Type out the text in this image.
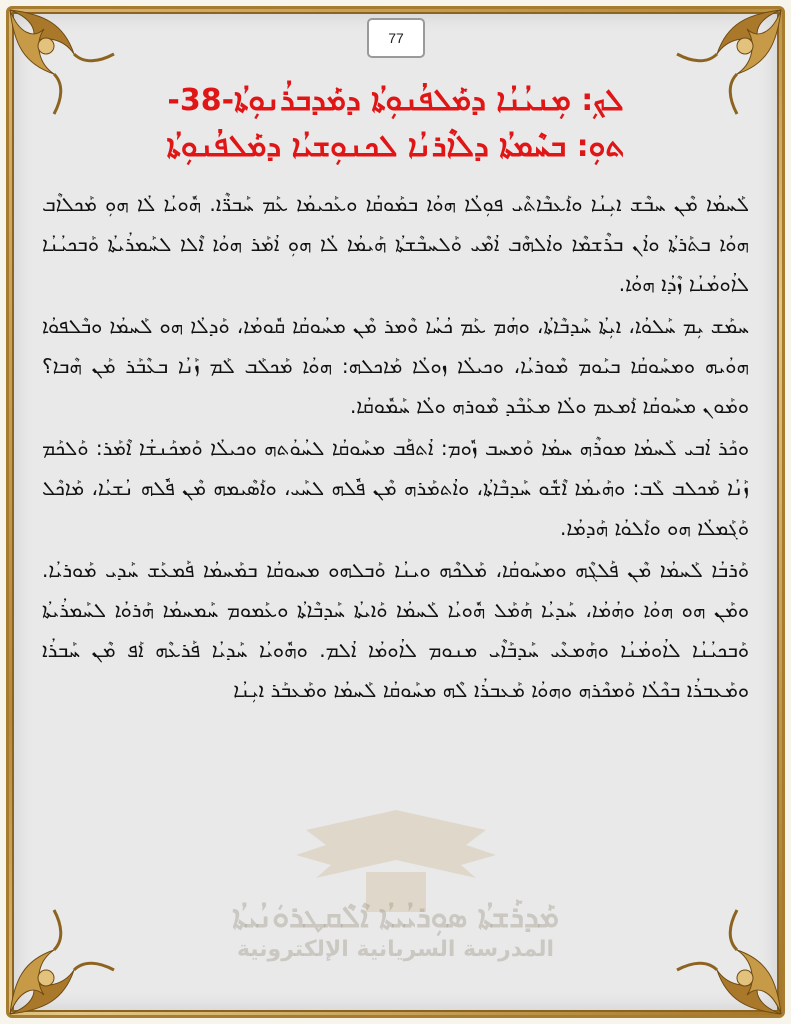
77
ܡܰܕܪܰܫܬܳܐ ܣܘܼܪܝܳܝܬܳܐ ܐܶܠܶܩܛܪܘܿܢܳܝܬܳܐ
المدرسة السريانية الإلكترونية
ܠܟܼ: ܡܼܢܝܳܢܳܐ ܕܡܰܠܦܳܢܘܼܬܳܐ ܕܡܰܕܒܪܳܢܘܼܬܳܐ-38-
ܬܘܼ: ܒܚܶܡܬܳܐ ܕܠܐܶܪܢܳܐ ܠܟܢܘܼܫܝܳܐ ܕܡܰܠܦܳܢܘܼܬܳܐ

ܠܰܚܡܳܐ ܡܶܢ ܚܒܶܫ ܐܝܼܢܳܐ ܘܐܰܥܒܶܐܬܶܝ ܦܘܼܠܳܐ ܗܘܳܐ ܒܡܰܘܩܳܐ ܘܥܰܟܝܡܳܐ ܥܰܡ ܚܰܒܪ̈ܶܐ. ܗܽܘܝܳܐ ܠܳܐ ܗܘܼ ܡܰܟܠܐܶܒ ܗܘܳܐ ܒܬܰܪܬܳܐ ܘܐܳܢ ܒܪܶܫܡܶܐ ܘܐܳܠܗܶܒ ܐܳܡܶܝ ܘܰܠܚܒܶܫܬܳܐ ܗܰܝܡܳܐ ܠܳܐ ܗܘܼ ܐܳܡܰܪ ܗܘܳܐ ܐܶܠܐ ܠܚܰܡܪܳܝܬܳܐ ܘܰܒܟܝܳܢܳܐ ܠܐܳܘܡܳܢܳܐ ܙܶܕܳܐ ܗܘܳܐ.

ܚܡܰܫ ܝܼܡ ܚܰܠܘܳܐ، ܐܝܼܬܳܐ ܚܰܕܒܶܐܬܳܐ، ܘܗܳܡ ܥܰܡ ܟܳܚܳܐ ܘܶܡܪ ܡܶܢ ܡܚܳܘܩܳܐ ܩܽܘܡܳܐ، ܘܰܕܠܳܐ ܗܘ ܠܰܚܡܳܐ ܘܒܶܠܦܘܳܐ ܗܘܳܝܗ ܘܡܚܰܘܩܳܐ ܒܝܰܘܡ ܡܶܘܪܝܳܐ، ܘܟܝܠܳܐ ܙܘܠܳܐ ܡܰܐܟܠܗ: ܗܘܳܐ ܡܰܟܠܰܒ ܠܰܡ ܙܰܢܳܐ ܒܥܶܒܰܪ ܡܰܢ ܗܶܒܐ؟ ܘܡܰܘܢ ܡܚܰܘܩܳܐ ܐܰܡܥܡ ܘܠܳܐ ܡܥܰܒܶܕ ܡܶܘܪܗ ܘܠܳܐ ܚܰܡܽܘܩܳܐ.

ܘܟܰܪ ܐܳܒܝ ܠܰܚܡܳܐ ܡܘܪܶܗ ܚܡܳܐ ܘܰܡܚܒ ܙܽܘܡ: ܐܳܬܦܰܒ ܡܚܰܘܩܳܐ ܠܚܳܘܳܬܗ ܘܟܝܠܳܐ ܘܰܡܟܰܢܫܳܐ ܐܶܡܰܪ: ܘܰܠܟܰܡ ܙܰܢܳܐ ܡܰܟܠܒ ܠܰܒ: ܘܗܰܝܡܳܐ ܐܶܫܽܘ ܚܰܕܒܶܐܬܳܐ، ܘܐܳܬܡܰܪܗ ܡܶܢ ܦܽܠܗ ܠܚܰܝ، ܘܐܰܣܶܝܡܗ ܡܶܢ ܦܽܠܗ ܢܳܫܝܳܐ، ܡܰܐܟܶܠ ܘܰܓܰܡܠܳܐ ܗܘ ܘܐܰܠܘܳܐ ܗܰܕܡܳܐ.

ܘܰܪܒܳܐ ܠܰܚܡܳܐ ܡܶܢ ܦܰܠܓܶܗ ܘܡܚܰܘܩܳܐ، ܡܰܠܟܶܗ ܘܝܢܳܐ ܘܰܒܠܗܘ ܡܚܘܩܳܐ ܒܡܰܚܡܳܐ ܦܰܡܥܰܫ ܚܰܕܝ ܡܰܘܪܝܳܐ. ܘܡܰܢ ܗܘ ܗܘܳܐ ܘܗܳܡܳܐ، ܚܰܕܝܳܐ ܗܰܡܰܠ ܗܽܘܝܳܐ ܠܰܚܡܳܐ ܘܰܐܝܬܳܐ ܚܰܕܒܶܐܬܳܐ ܘܥܰܡܘܡ ܚܰܡܚܡܳܐ ܗܰܪܘܳܐ ܠܚܰܡܪܳܝܬܳܐ ܘܰܒܟܝܳܢܳܐ ܠܐܳܘܡܳܢܳܐ ܘܗܰܡܥܶܝ ܚܰܕܒܰܐܶܝ ܡܢܘܡ ܠܐܳܘܡܳܐ ܐܳܠܡ. ܘܗܽܘܝܳܐ ܚܰܕܝܳܐ ܦܰܪܥܶܗ ܐܰܦ ܡܶܢ ܚܰܒܪܳܐ ܘܡܰܥܒܪܳܐ ܒܟܶܠܳܐ ܘܰܡܟܶܪܗ ܘܗܘܳܐ ܡܰܥܒܪܳܐ ܠܶܗ ܡܚܰܘܩܳܐ ܠܰܚܡܳܐ ܘܡܰܥܒܰܪ ܐܝܼܢܳܐ
